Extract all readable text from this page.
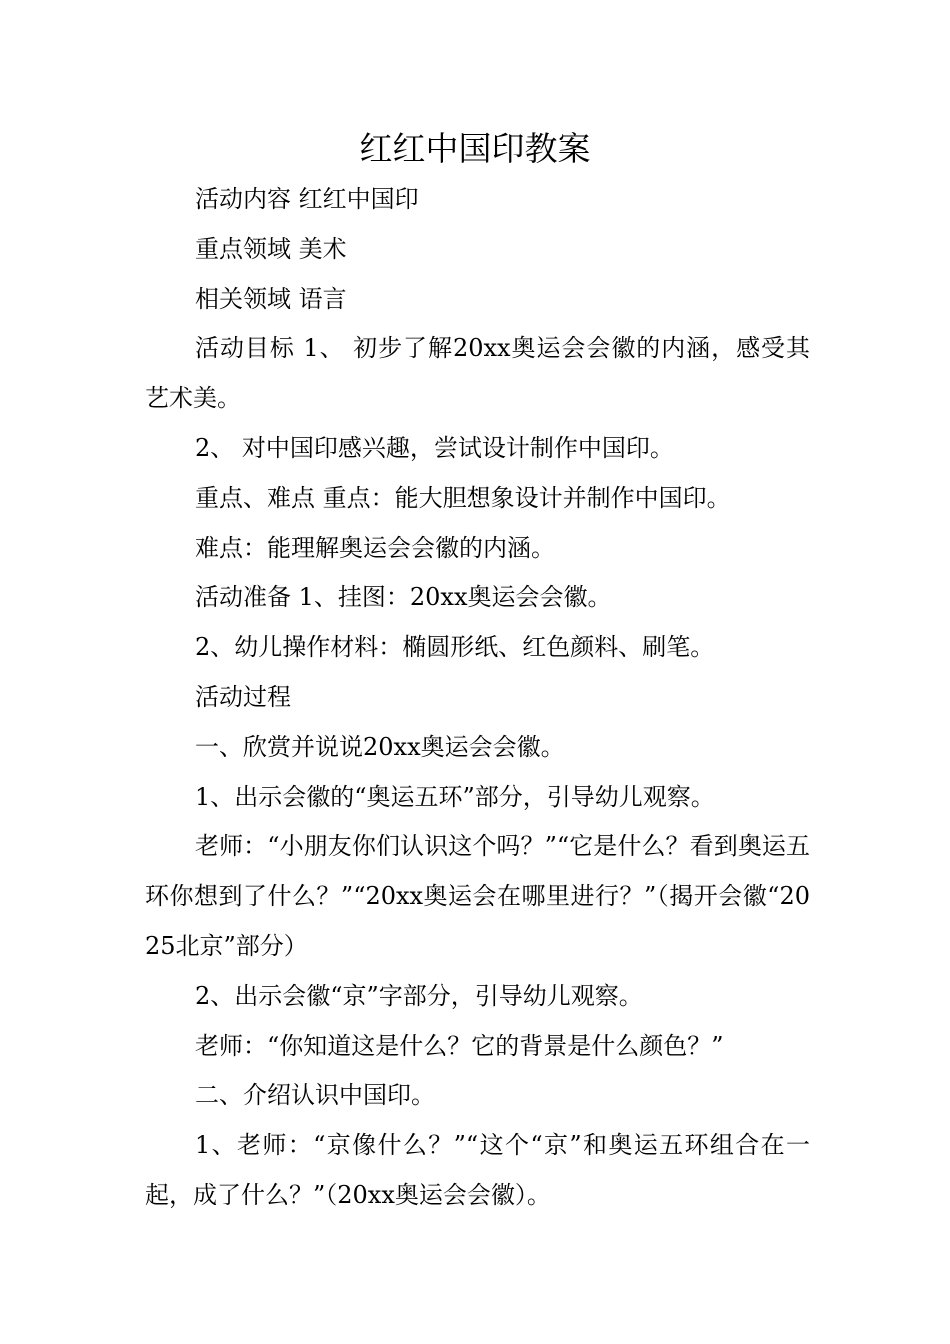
红红中国印教案

活动内容 红红中国印

重点领域 美术

相关领域 语言

活动目标 1、 初步了解20xx奥运会会徽的内涵，感受其艺术美。

2、 对中国印感兴趣，尝试设计制作中国印。

重点、难点 重点：能大胆想象设计并制作中国印。

难点：能理解奥运会会徽的内涵。

活动准备 1、挂图：20xx奥运会会徽。

2、幼儿操作材料：椭圆形纸、红色颜料、刷笔。

活动过程

一、欣赏并说说20xx奥运会会徽。

1、出示会徽的“奥运五环”部分，引导幼儿观察。

老师：“小朋友你们认识这个吗？”“它是什么？看到奥运五环你想到了什么？”“20xx奥运会在哪里进行？”（揭开会徽“2025北京”部分）

2、出示会徽“京”字部分，引导幼儿观察。

老师：“你知道这是什么？它的背景是什么颜色？”

二、介绍认识中国印。

1、老师：“京像什么？”“这个“京”和奥运五环组合在一起，成了什么？”（20xx奥运会会徽）。
